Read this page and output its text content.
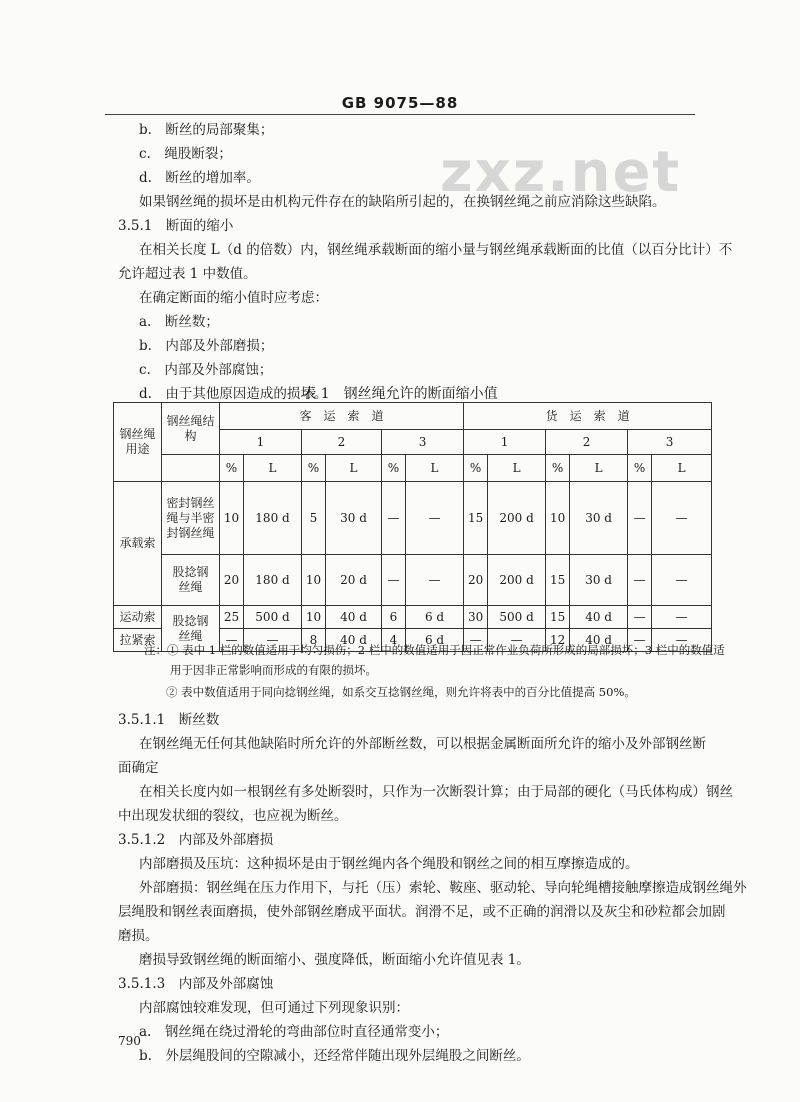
GB 9075—88
zxz.net
b.　断丝的局部聚集；
c.　绳股断裂；
d.　断丝的增加率。
如果钢丝绳的损坏是由机构元件存在的缺陷所引起的，在换钢丝绳之前应消除这些缺陷。
3.5.1　断面的缩小
在相关长度 L（d 的倍数）内，钢丝绳承载断面的缩小量与钢丝绳承载断面的比值（以百分比计）不
允许超过表 1 中数值。
在确定断面的缩小值时应考虑：
a.　断丝数；
b.　内部及外部磨损；
c.　内部及外部腐蚀；
d.　由于其他原因造成的损坏。
表 1　钢丝绳允许的断面缩小值
钢丝绳用途	钢丝绳结构	客　运　索　道						货　运　索　道					
		1		2		3		1		2		3	
		%	L	%	L	%	L	%	L	%	L	%	L
承载索	密封钢丝绳与半密封钢丝绳	10	180 d	5	30 d	—	—	15	200 d	10	30 d	—	—
	股捻钢丝绳	20	180 d	10	20 d	—	—	20	200 d	15	30 d	—	—
运动索	股捻钢丝绳	25	500 d	10	40 d	6	6 d	30	500 d	15	40 d	—	—
拉紧索		—	—	8	40 d	4	6 d	—	—	12	40 d	—	—
注：① 表中 1 栏的数值适用于均匀损伤；2 栏中的数值适用于因正常作业负荷所形成的局部损坏；3 栏中的数值适
用于因非正常影响而形成的有限的损坏。
② 表中数值适用于同向捻钢丝绳，如系交互捻钢丝绳，则允许将表中的百分比值提高 50%。
3.5.1.1　断丝数
在钢丝绳无任何其他缺陷时所允许的外部断丝数，可以根据金属断面所允许的缩小及外部钢丝断
面确定
在相关长度内如一根钢丝有多处断裂时，只作为一次断裂计算；由于局部的硬化（马氏体构成）钢丝
中出现发状细的裂纹，也应视为断丝。
3.5.1.2　内部及外部磨损
内部磨损及压坑：这种损坏是由于钢丝绳内各个绳股和钢丝之间的相互摩擦造成的。
外部磨损：钢丝绳在压力作用下，与托（压）索轮、鞍座、驱动轮、导向轮绳槽接触摩擦造成钢丝绳外
层绳股和钢丝表面磨损，使外部钢丝磨成平面状。润滑不足，或不正确的润滑以及灰尘和砂粒都会加剧
磨损。
磨损导致钢丝绳的断面缩小、强度降低，断面缩小允许值见表 1。
3.5.1.3　内部及外部腐蚀
内部腐蚀较难发现，但可通过下列现象识别：
a.　钢丝绳在绕过滑轮的弯曲部位时直径通常变小；
b.　外层绳股间的空隙减小，还经常伴随出现外层绳股之间断丝。
790
